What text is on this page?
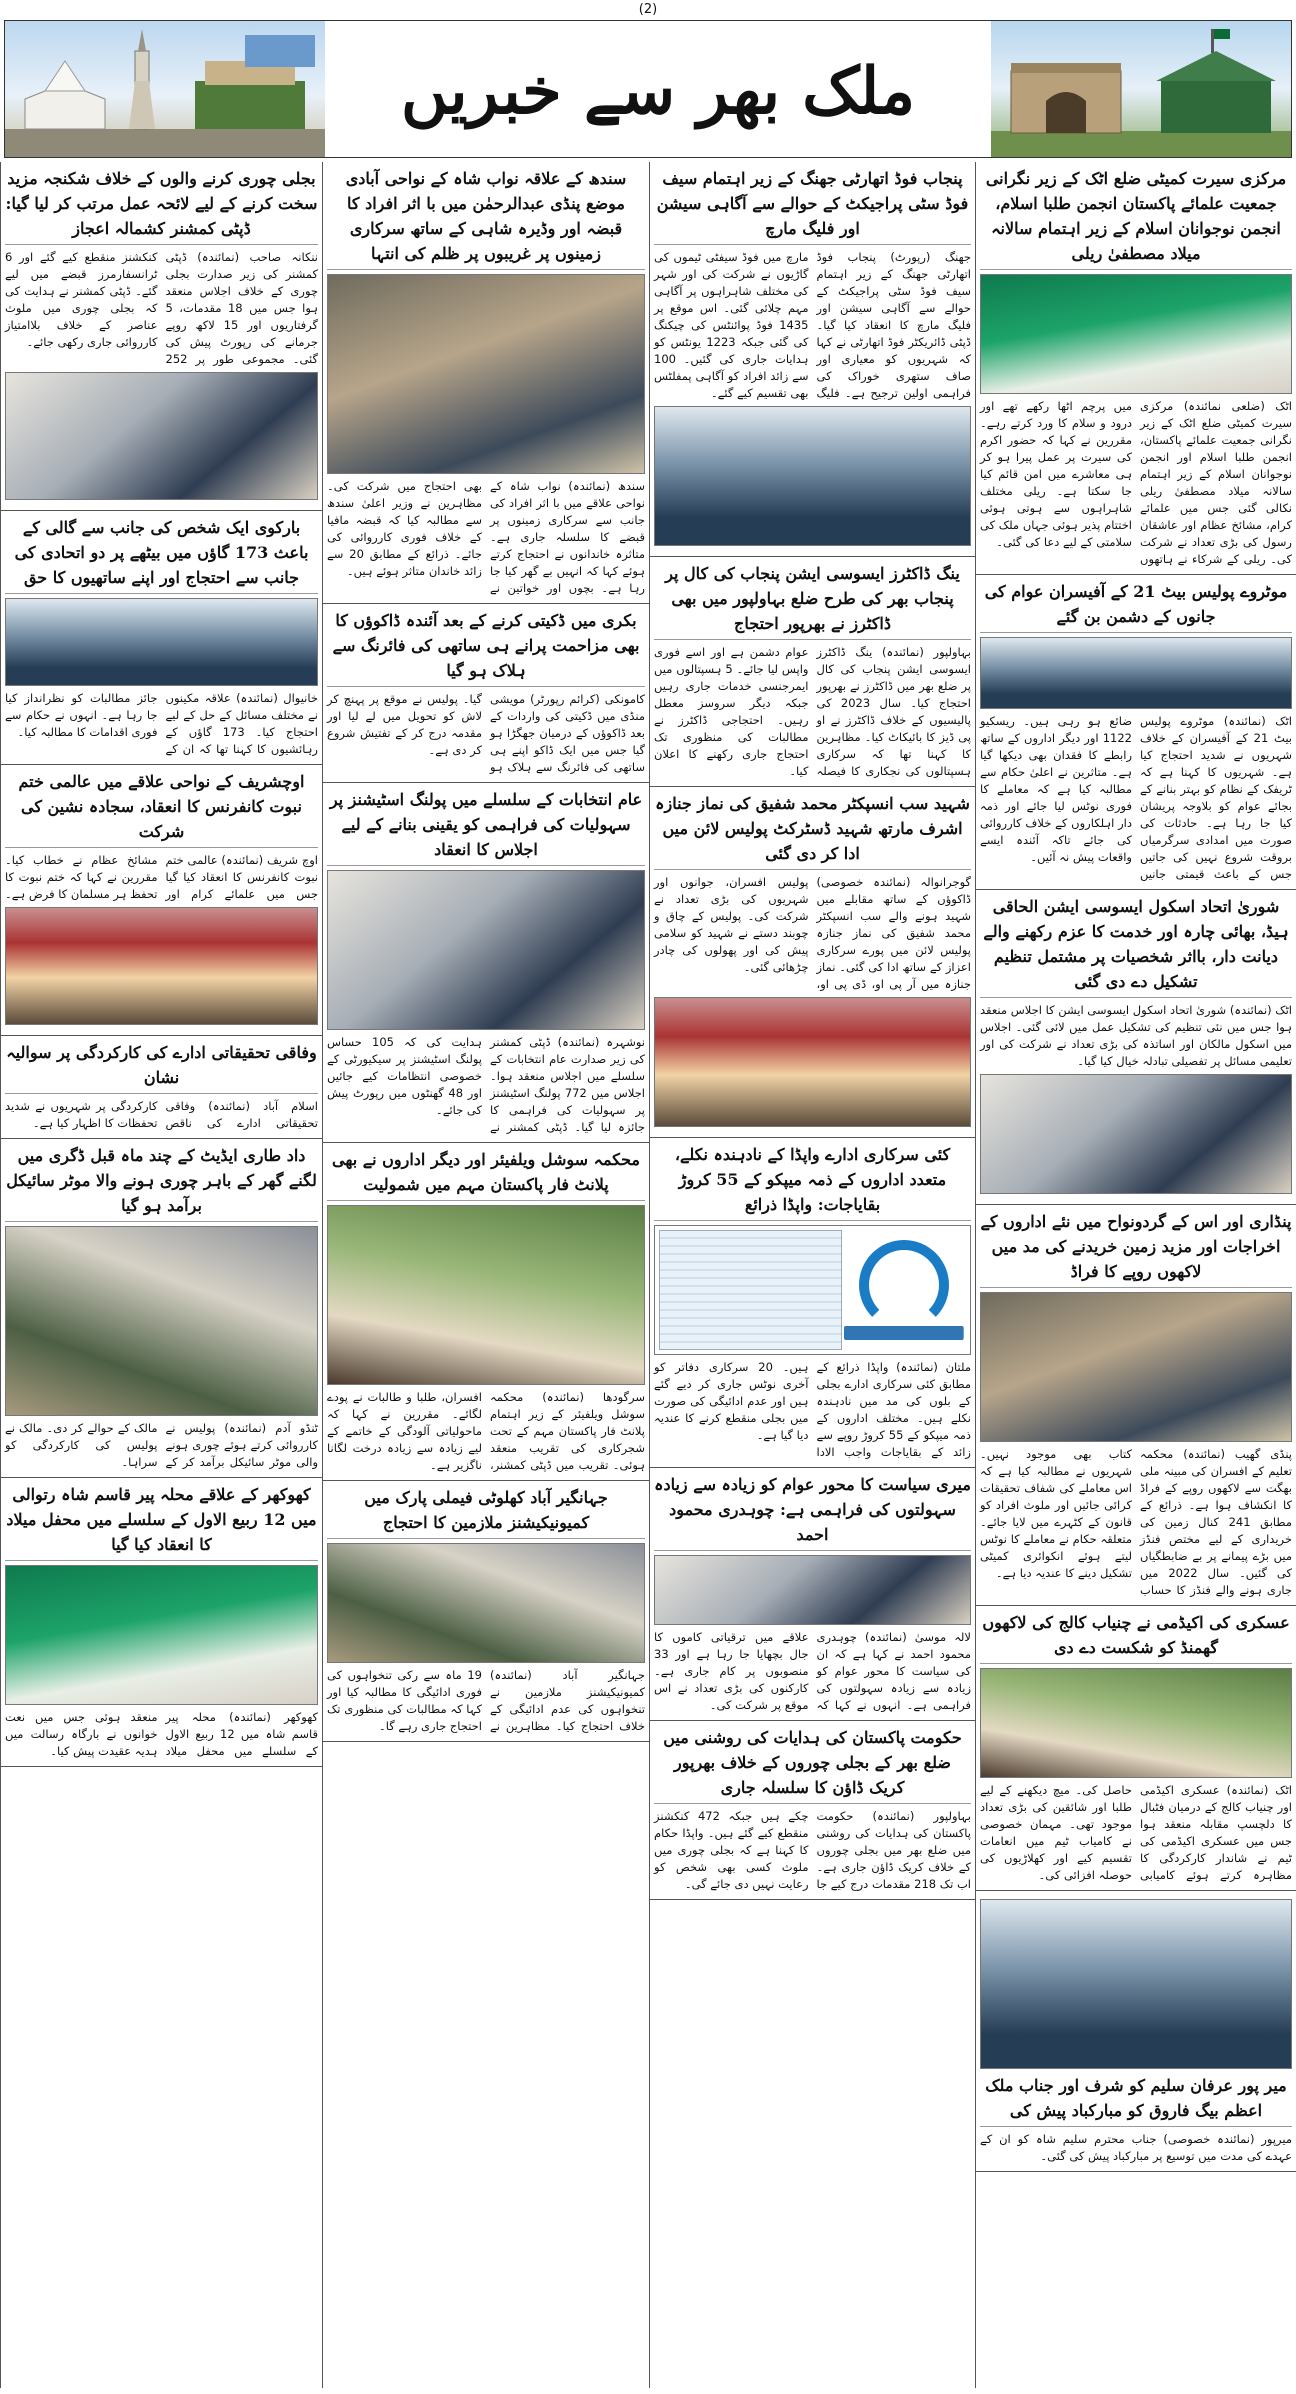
(2)
ملک بھر سے خبریں
بجلی چوری کرنے والوں کے خلاف شکنجہ مزید سخت کرنے کے لیے لائحہ عمل مرتب کر لیا گیا: ڈپٹی کمشنر کشمالہ اعجاز
ننکانہ صاحب (نمائندہ) ڈپٹی کمشنر کی زیر صدارت بجلی چوری کے خلاف اجلاس منعقد ہوا جس میں 18 مقدمات، 5 گرفتاریوں اور 15 لاکھ روپے جرمانے کی رپورٹ پیش کی گئی۔ مجموعی طور پر 252 کنکشنز منقطع کیے گئے اور 6 ٹرانسفارمرز قبضے میں لیے گئے۔ ڈپٹی کمشنر نے ہدایت کی کہ بجلی چوری میں ملوث عناصر کے خلاف بلاامتیاز کارروائی جاری رکھی جائے۔
بارکوی ایک شخص کی جانب سے گالی کے باعث 173 گاؤں میں بیٹھے پر دو اتحادی کی جانب سے احتجاج اور اپنے ساتھیوں کا حق
خانیوال (نمائندہ) علاقہ مکینوں نے مختلف مسائل کے حل کے لیے احتجاج کیا۔ 173 گاؤں کے رہائشیوں کا کہنا تھا کہ ان کے جائز مطالبات کو نظرانداز کیا جا رہا ہے۔ انہوں نے حکام سے فوری اقدامات کا مطالبہ کیا۔
اوچشریف کے نواحی علاقے میں عالمی ختم نبوت کانفرنس کا انعقاد، سجادہ نشین کی شرکت
اوچ شریف (نمائندہ) عالمی ختم نبوت کانفرنس کا انعقاد کیا گیا جس میں علمائے کرام اور مشائخ عظام نے خطاب کیا۔ مقررین نے کہا کہ ختم نبوت کا تحفظ ہر مسلمان کا فرض ہے۔
وفاقی تحقیقاتی ادارے کی کارکردگی پر سوالیہ نشان
اسلام آباد (نمائندہ) وفاقی تحقیقاتی ادارے کی ناقص کارکردگی پر شہریوں نے شدید تحفظات کا اظہار کیا ہے۔
داد طاری ایڈیٹ کے چند ماہ قبل ڈگری میں لگنے گھر کے باہر چوری ہونے والا موٹر سائیکل برآمد ہو گیا
ٹنڈو آدم (نمائندہ) پولیس نے کارروائی کرتے ہوئے چوری ہونے والی موٹر سائیکل برآمد کر کے مالک کے حوالے کر دی۔ مالک نے پولیس کی کارکردگی کو سراہا۔
کھوکھر کے علاقے محلہ پیر قاسم شاہ رتوالی میں 12 ربیع الاول کے سلسلے میں محفل میلاد کا انعقاد کیا گیا
کھوکھر (نمائندہ) محلہ پیر قاسم شاہ میں 12 ربیع الاول کے سلسلے میں محفل میلاد منعقد ہوئی جس میں نعت خوانوں نے بارگاہ رسالت میں ہدیہ عقیدت پیش کیا۔
سندھ کے علاقہ نواب شاہ کے نواحی آبادی موضع پنڈی عبدالرحمٰن میں با اثر افراد کا قبضہ اور وڈیرہ شاہی کے ساتھ سرکاری زمینوں پر غریبوں پر ظلم کی انتہا
سندھ (نمائندہ) نواب شاہ کے نواحی علاقے میں با اثر افراد کی جانب سے سرکاری زمینوں پر قبضے کا سلسلہ جاری ہے۔ متاثرہ خاندانوں نے احتجاج کرتے ہوئے کہا کہ انہیں بے گھر کیا جا رہا ہے۔ بچوں اور خواتین نے بھی احتجاج میں شرکت کی۔ مظاہرین نے وزیر اعلیٰ سندھ سے مطالبہ کیا کہ قبضہ مافیا کے خلاف فوری کارروائی کی جائے۔ ذرائع کے مطابق 20 سے زائد خاندان متاثر ہوئے ہیں۔
بکری میں ڈکیتی کرنے کے بعد آئندہ ڈاکوؤں کا بھی مزاحمت پرانے ہی ساتھی کی فائرنگ سے ہلاک ہو گیا
کامونکی (کرائم رپورٹر) مویشی منڈی میں ڈکیتی کی واردات کے بعد ڈاکوؤں کے درمیان جھگڑا ہو گیا جس میں ایک ڈاکو اپنے ہی ساتھی کی فائرنگ سے ہلاک ہو گیا۔ پولیس نے موقع پر پہنچ کر لاش کو تحویل میں لے لیا اور مقدمہ درج کر کے تفتیش شروع کر دی ہے۔
عام انتخابات کے سلسلے میں پولنگ اسٹیشنز پر سہولیات کی فراہمی کو یقینی بنانے کے لیے اجلاس کا انعقاد
نوشہرہ (نمائندہ) ڈپٹی کمشنر کی زیر صدارت عام انتخابات کے سلسلے میں اجلاس منعقد ہوا۔ اجلاس میں 772 پولنگ اسٹیشنز پر سہولیات کی فراہمی کا جائزہ لیا گیا۔ ڈپٹی کمشنر نے ہدایت کی کہ 105 حساس پولنگ اسٹیشنز پر سیکیورٹی کے خصوصی انتظامات کیے جائیں اور 48 گھنٹوں میں رپورٹ پیش کی جائے۔
محکمہ سوشل ویلفیئر اور دیگر اداروں نے بھی پلانٹ فار پاکستان مہم میں شمولیت
سرگودھا (نمائندہ) محکمہ سوشل ویلفیئر کے زیر اہتمام پلانٹ فار پاکستان مہم کے تحت شجرکاری کی تقریب منعقد ہوئی۔ تقریب میں ڈپٹی کمشنر، افسران، طلبا و طالبات نے پودے لگائے۔ مقررین نے کہا کہ ماحولیاتی آلودگی کے خاتمے کے لیے زیادہ سے زیادہ درخت لگانا ناگزیر ہے۔
جہانگیر آباد کھلوٹی فیملی پارک میں کمیونیکیشنز ملازمین کا احتجاج
جہانگیر آباد (نمائندہ) کمیونیکیشنز ملازمین نے تنخواہوں کی عدم ادائیگی کے خلاف احتجاج کیا۔ مظاہرین نے 19 ماہ سے رکی تنخواہوں کی فوری ادائیگی کا مطالبہ کیا اور کہا کہ مطالبات کی منظوری تک احتجاج جاری رہے گا۔
پنجاب فوڈ اتھارٹی جھنگ کے زیر اہتمام سیف فوڈ سٹی پراجیکٹ کے حوالے سے آگاہی سیشن اور فلیگ مارچ
جھنگ (رپورٹ) پنجاب فوڈ اتھارٹی جھنگ کے زیر اہتمام سیف فوڈ سٹی پراجیکٹ کے حوالے سے آگاہی سیشن اور فلیگ مارچ کا انعقاد کیا گیا۔ ڈپٹی ڈائریکٹر فوڈ اتھارٹی نے کہا کہ شہریوں کو معیاری اور صاف ستھری خوراک کی فراہمی اولین ترجیح ہے۔ فلیگ مارچ میں فوڈ سیفٹی ٹیموں کی گاڑیوں نے شرکت کی اور شہر کی مختلف شاہراہوں پر آگاہی مہم چلائی گئی۔ اس موقع پر 1435 فوڈ پوائنٹس کی چیکنگ کی گئی جبکہ 1223 یونٹس کو ہدایات جاری کی گئیں۔ 100 سے زائد افراد کو آگاہی پمفلٹس بھی تقسیم کیے گئے۔
ینگ ڈاکٹرز ایسوسی ایشن پنجاب کی کال پر پنجاب بھر کی طرح ضلع بہاولپور میں بھی ڈاکٹرز نے بھرپور احتجاج
بہاولپور (نمائندہ) ینگ ڈاکٹرز ایسوسی ایشن پنجاب کی کال پر ضلع بھر میں ڈاکٹرز نے بھرپور احتجاج کیا۔ سال 2023 کی پالیسیوں کے خلاف ڈاکٹرز نے او پی ڈیز کا بائیکاٹ کیا۔ مظاہرین کا کہنا تھا کہ سرکاری ہسپتالوں کی نجکاری کا فیصلہ عوام دشمن ہے اور اسے فوری واپس لیا جائے۔ 5 ہسپتالوں میں ایمرجنسی خدمات جاری رہیں جبکہ دیگر سروسز معطل رہیں۔ احتجاجی ڈاکٹرز نے مطالبات کی منظوری تک احتجاج جاری رکھنے کا اعلان کیا۔
شہید سب انسپکٹر محمد شفیق کی نماز جنازہ اشرف مارتھ شہید ڈسٹرکٹ پولیس لائن میں ادا کر دی گئی
گوجرانوالہ (نمائندہ خصوصی) ڈاکوؤں کے ساتھ مقابلے میں شہید ہونے والے سب انسپکٹر محمد شفیق کی نماز جنازہ پولیس لائن میں پورے سرکاری اعزاز کے ساتھ ادا کی گئی۔ نماز جنازہ میں آر پی او، ڈی پی او، پولیس افسران، جوانوں اور شہریوں کی بڑی تعداد نے شرکت کی۔ پولیس کے چاق و چوبند دستے نے شہید کو سلامی پیش کی اور پھولوں کی چادر چڑھائی گئی۔
کئی سرکاری ادارے واپڈا کے نادہندہ نکلے، متعدد اداروں کے ذمہ میپکو کے 55 کروڑ بقایاجات: واپڈا ذرائع
ملتان (نمائندہ) واپڈا ذرائع کے مطابق کئی سرکاری ادارے بجلی کے بلوں کی مد میں نادہندہ نکلے ہیں۔ مختلف اداروں کے ذمہ میپکو کے 55 کروڑ روپے سے زائد کے بقایاجات واجب الادا ہیں۔ 20 سرکاری دفاتر کو آخری نوٹس جاری کر دیے گئے ہیں اور عدم ادائیگی کی صورت میں بجلی منقطع کرنے کا عندیہ دیا گیا ہے۔
میری سیاست کا محور عوام کو زیادہ سے زیادہ سہولتوں کی فراہمی ہے: چوہدری محمود احمد
لالہ موسیٰ (نمائندہ) چوہدری محمود احمد نے کہا ہے کہ ان کی سیاست کا محور عوام کو زیادہ سے زیادہ سہولتوں کی فراہمی ہے۔ انہوں نے کہا کہ علاقے میں ترقیاتی کاموں کا جال بچھایا جا رہا ہے اور 33 منصوبوں پر کام جاری ہے۔ کارکنوں کی بڑی تعداد نے اس موقع پر شرکت کی۔
حکومت پاکستان کی ہدایات کی روشنی میں ضلع بھر کے بجلی چوروں کے خلاف بھرپور کریک ڈاؤن کا سلسلہ جاری
بہاولپور (نمائندہ) حکومت پاکستان کی ہدایات کی روشنی میں ضلع بھر میں بجلی چوروں کے خلاف کریک ڈاؤن جاری ہے۔ اب تک 218 مقدمات درج کیے جا چکے ہیں جبکہ 472 کنکشنز منقطع کیے گئے ہیں۔ واپڈا حکام کا کہنا ہے کہ بجلی چوری میں ملوث کسی بھی شخص کو رعایت نہیں دی جائے گی۔
مرکزی سیرت کمیٹی ضلع اٹک کے زیر نگرانی جمعیت علمائے پاکستان انجمن طلبا اسلام، انجمن نوجوانان اسلام کے زیر اہتمام سالانہ میلاد مصطفیٰ ریلی
اٹک (ضلعی نمائندہ) مرکزی سیرت کمیٹی ضلع اٹک کے زیر نگرانی جمعیت علمائے پاکستان، انجمن طلبا اسلام اور انجمن نوجوانان اسلام کے زیر اہتمام سالانہ میلاد مصطفیٰ ریلی نکالی گئی جس میں علمائے کرام، مشائخ عظام اور عاشقان رسول کی بڑی تعداد نے شرکت کی۔ ریلی کے شرکاء نے ہاتھوں میں پرچم اٹھا رکھے تھے اور درود و سلام کا ورد کرتے رہے۔ مقررین نے کہا کہ حضور اکرم کی سیرت پر عمل پیرا ہو کر ہی معاشرے میں امن قائم کیا جا سکتا ہے۔ ریلی مختلف شاہراہوں سے ہوتی ہوئی اختتام پذیر ہوئی جہاں ملک کی سلامتی کے لیے دعا کی گئی۔
موٹروے پولیس بیٹ 21 کے آفیسران عوام کی جانوں کے دشمن بن گئے
اٹک (نمائندہ) موٹروے پولیس بیٹ 21 کے آفیسران کے خلاف شہریوں نے شدید احتجاج کیا ہے۔ شہریوں کا کہنا ہے کہ ٹریفک کے نظام کو بہتر بنانے کے بجائے عوام کو بلاوجہ پریشان کیا جا رہا ہے۔ حادثات کی صورت میں امدادی سرگرمیاں بروقت شروع نہیں کی جاتیں جس کے باعث قیمتی جانیں ضائع ہو رہی ہیں۔ ریسکیو 1122 اور دیگر اداروں کے ساتھ رابطے کا فقدان بھی دیکھا گیا ہے۔ متاثرین نے اعلیٰ حکام سے مطالبہ کیا ہے کہ معاملے کا فوری نوٹس لیا جائے اور ذمہ دار اہلکاروں کے خلاف کارروائی کی جائے تاکہ آئندہ ایسے واقعات پیش نہ آئیں۔
شوریٰ اتحاد اسکول ایسوسی ایشن الحاقی ہیڈ، بھائی چارہ اور خدمت کا عزم رکھنے والے دیانت دار، بااثر شخصیات پر مشتمل تنظیم تشکیل دے دی گئی
اٹک (نمائندہ) شوریٰ اتحاد اسکول ایسوسی ایشن کا اجلاس منعقد ہوا جس میں نئی تنظیم کی تشکیل عمل میں لائی گئی۔ اجلاس میں اسکول مالکان اور اساتذہ کی بڑی تعداد نے شرکت کی اور تعلیمی مسائل پر تفصیلی تبادلہ خیال کیا گیا۔
پنڈاری اور اس کے گردونواح میں نئے اداروں کے اخراجات اور مزید زمین خریدنے کی مد میں لاکھوں روپے کا فراڈ
پنڈی گھیب (نمائندہ) محکمہ تعلیم کے افسران کی مبینہ ملی بھگت سے لاکھوں روپے کے فراڈ کا انکشاف ہوا ہے۔ ذرائع کے مطابق 241 کنال زمین کی خریداری کے لیے مختص فنڈز میں بڑے پیمانے پر بے ضابطگیاں کی گئیں۔ سال 2022 میں جاری ہونے والے فنڈز کا حساب کتاب بھی موجود نہیں۔ شہریوں نے مطالبہ کیا ہے کہ اس معاملے کی شفاف تحقیقات کرائی جائیں اور ملوث افراد کو قانون کے کٹہرے میں لایا جائے۔ متعلقہ حکام نے معاملے کا نوٹس لیتے ہوئے انکوائری کمیٹی تشکیل دینے کا عندیہ دیا ہے۔
عسکری کی اکیڈمی نے چنیاب کالج کی لاکھوں گھمنڈ کو شکست دے دی
اٹک (نمائندہ) عسکری اکیڈمی اور چنیاب کالج کے درمیان فٹبال کا دلچسپ مقابلہ منعقد ہوا جس میں عسکری اکیڈمی کی ٹیم نے شاندار کارکردگی کا مظاہرہ کرتے ہوئے کامیابی حاصل کی۔ میچ دیکھنے کے لیے طلبا اور شائقین کی بڑی تعداد موجود تھی۔ مہمان خصوصی نے کامیاب ٹیم میں انعامات تقسیم کیے اور کھلاڑیوں کی حوصلہ افزائی کی۔
میر پور عرفان سلیم کو شرف اور جناب ملک اعظم بیگ فاروق کو مبارکباد پیش کی
میرپور (نمائندہ خصوصی) جناب محترم سلیم شاہ کو ان کے عہدے کی مدت میں توسیع پر مبارکباد پیش کی گئی۔
